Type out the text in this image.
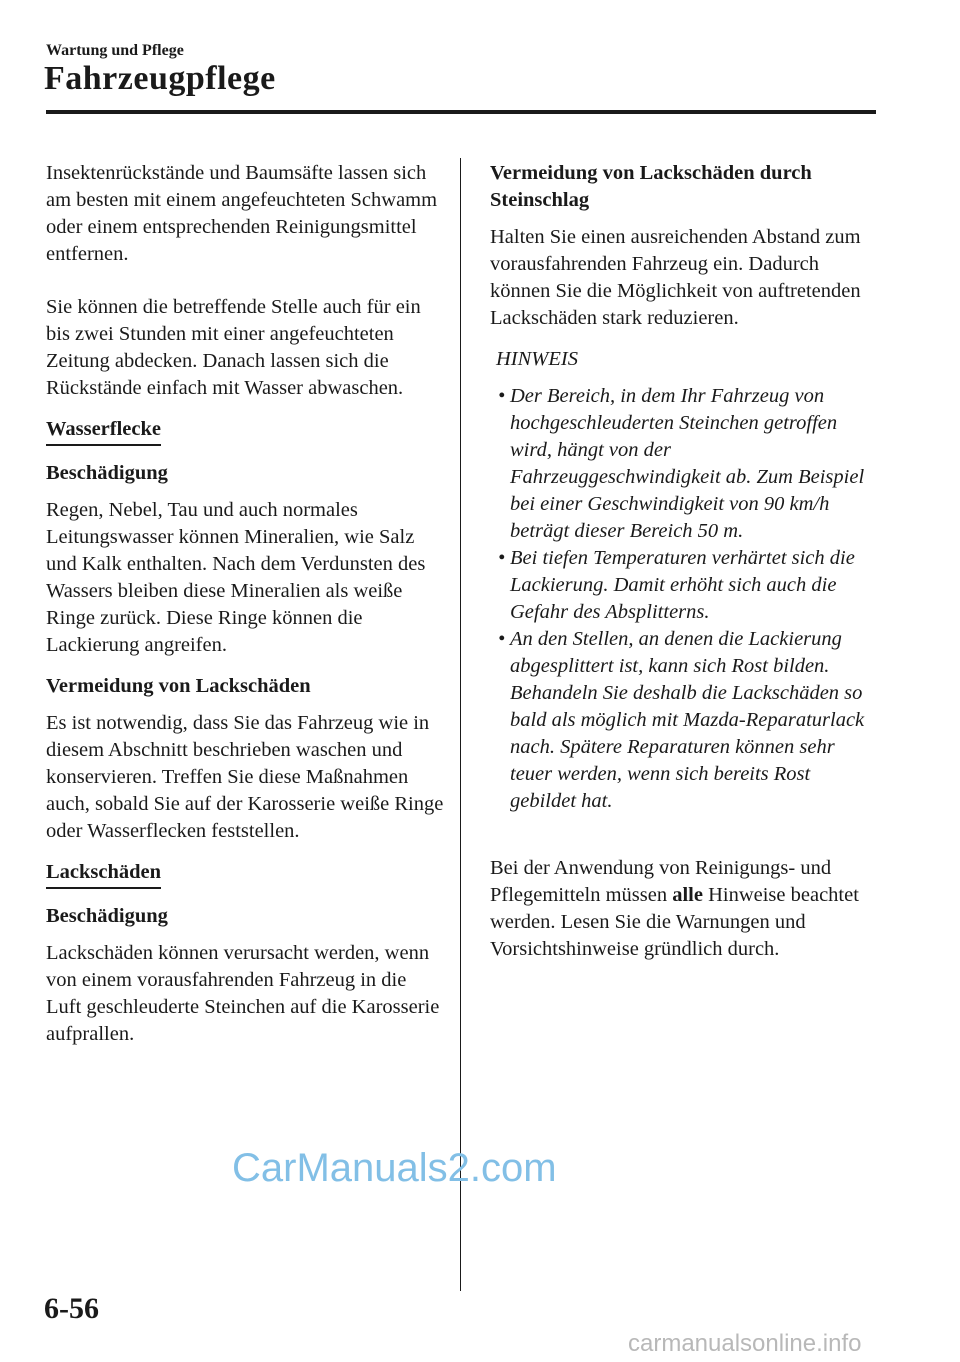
Wartung und Pflege
Fahrzeugpflege

Insektenrückstände und Baumsäfte lassen sich am besten mit einem angefeuchteten Schwamm oder einem entsprechenden Reinigungsmittel entfernen.

Sie können die betreffende Stelle auch für ein bis zwei Stunden mit einer angefeuchteten Zeitung abdecken. Danach lassen sich die Rückstände einfach mit Wasser abwaschen.

Wasserflecke
Beschädigung

Regen, Nebel, Tau und auch normales Leitungswasser können Mineralien, wie Salz und Kalk enthalten. Nach dem Verdunsten des Wassers bleiben diese Mineralien als weiße Ringe zurück. Diese Ringe können die Lackierung angreifen.

Vermeidung von Lackschäden

Es ist notwendig, dass Sie das Fahrzeug wie in diesem Abschnitt beschrieben waschen und konservieren. Treffen Sie diese Maßnahmen auch, sobald Sie auf der Karosserie weiße Ringe oder Wasserflecken feststellen.

Lackschäden
Beschädigung

Lackschäden können verursacht werden, wenn von einem vorausfahrenden Fahrzeug in die Luft geschleuderte Steinchen auf die Karosserie aufprallen.

Vermeidung von Lackschäden durch Steinschlag

Halten Sie einen ausreichenden Abstand zum vorausfahrenden Fahrzeug ein. Dadurch können Sie die Möglichkeit von auftretenden Lackschäden stark reduzieren.

HINWEIS
• Der Bereich, in dem Ihr Fahrzeug von hochgeschleuderten Steinchen getroffen wird, hängt von der Fahrzeuggeschwindigkeit ab. Zum Beispiel bei einer Geschwindigkeit von 90 km/h beträgt dieser Bereich 50 m.
• Bei tiefen Temperaturen verhärtet sich die Lackierung. Damit erhöht sich auch die Gefahr des Absplitterns.
• An den Stellen, an denen die Lackierung abgesplittert ist, kann sich Rost bilden. Behandeln Sie deshalb die Lackschäden so bald als möglich mit Mazda-Reparaturlack nach. Spätere Reparaturen können sehr teuer werden, wenn sich bereits Rost gebildet hat.

Bei der Anwendung von Reinigungs- und Pflegemitteln müssen alle Hinweise beachtet werden. Lesen Sie die Warnungen und Vorsichtshinweise gründlich durch.

CarManuals2.com
6-56
carmanualsonline.info
